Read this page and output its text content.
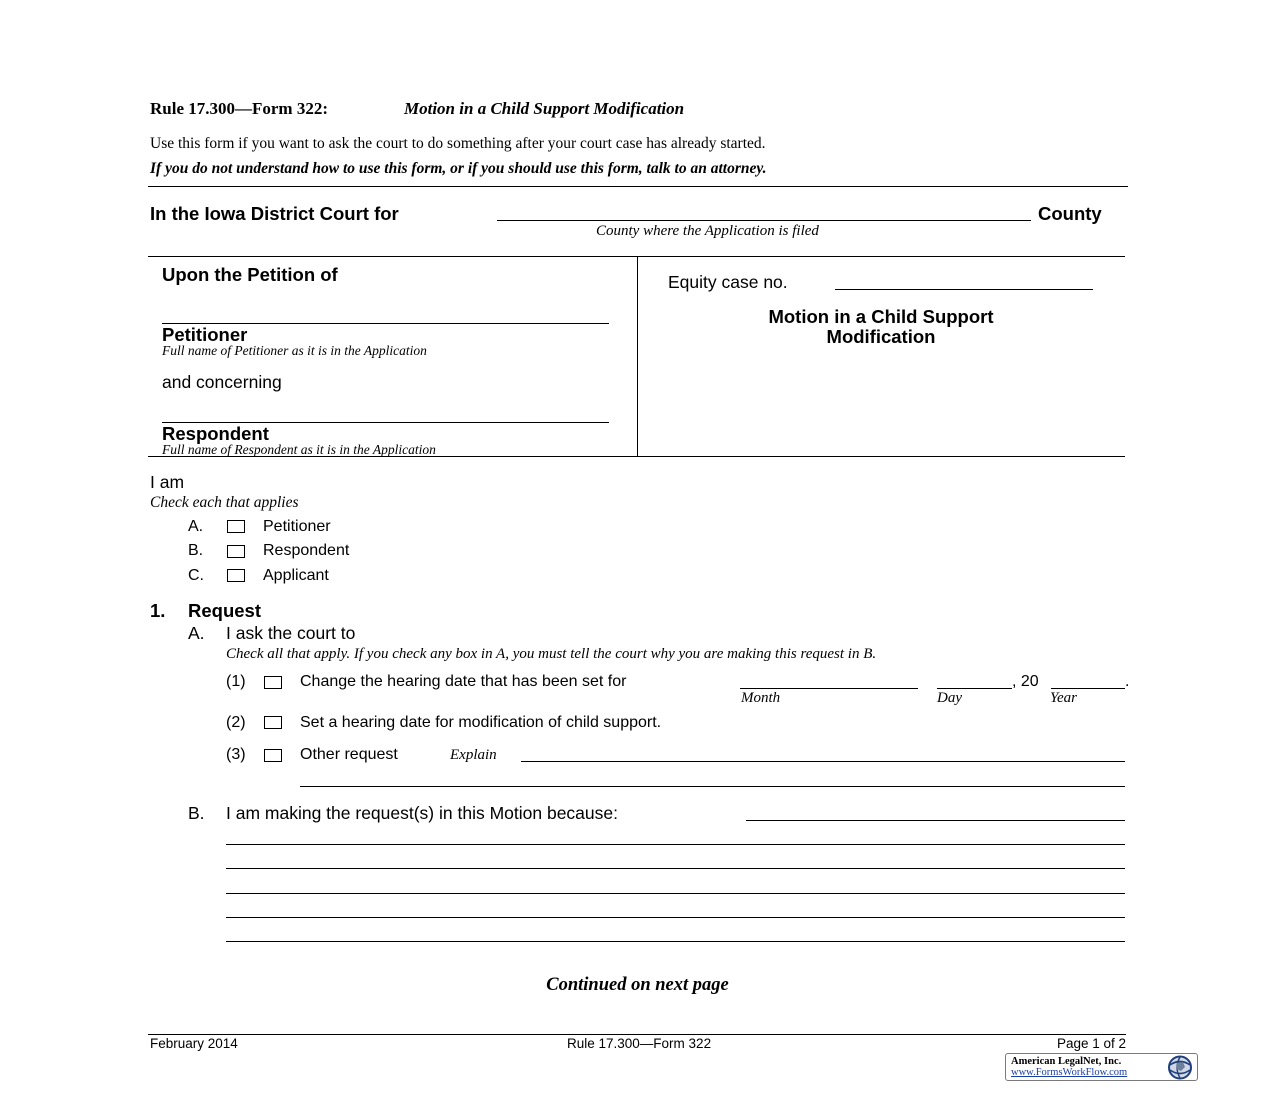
Rule 17.300—Form 322:	Motion in a Child Support Modification
Use this form if you want to ask the court to do something after your court case has already started.
If you do not understand how to use this form, or if you should use this form, talk to an attorney.
In the Iowa District Court for	County
County where the Application is filed
Upon the Petition of
Petitioner
Full name of Petitioner as it is in the Application
and concerning
Respondent
Full name of Respondent as it is in the Application
Equity case no.
Motion in a Child Support
Modification
I am
Check each that applies
A.	Petitioner
B.	Respondent
C.	Applicant
1. Request
A. I ask the court to
Check all that apply. If you check any box in A, you must tell the court why you are making this request in B.
(1)	Change the hearing date that has been set for	, 20	.
Month	Day	Year
(2)	Set a hearing date for modification of child support.
(3)	Other request	Explain
B. I am making the request(s) in this Motion because:
Continued on next page
February 2014	Rule 17.300—Form 322	Page 1 of 2
American LegalNet, Inc.
www.FormsWorkFlow.com
